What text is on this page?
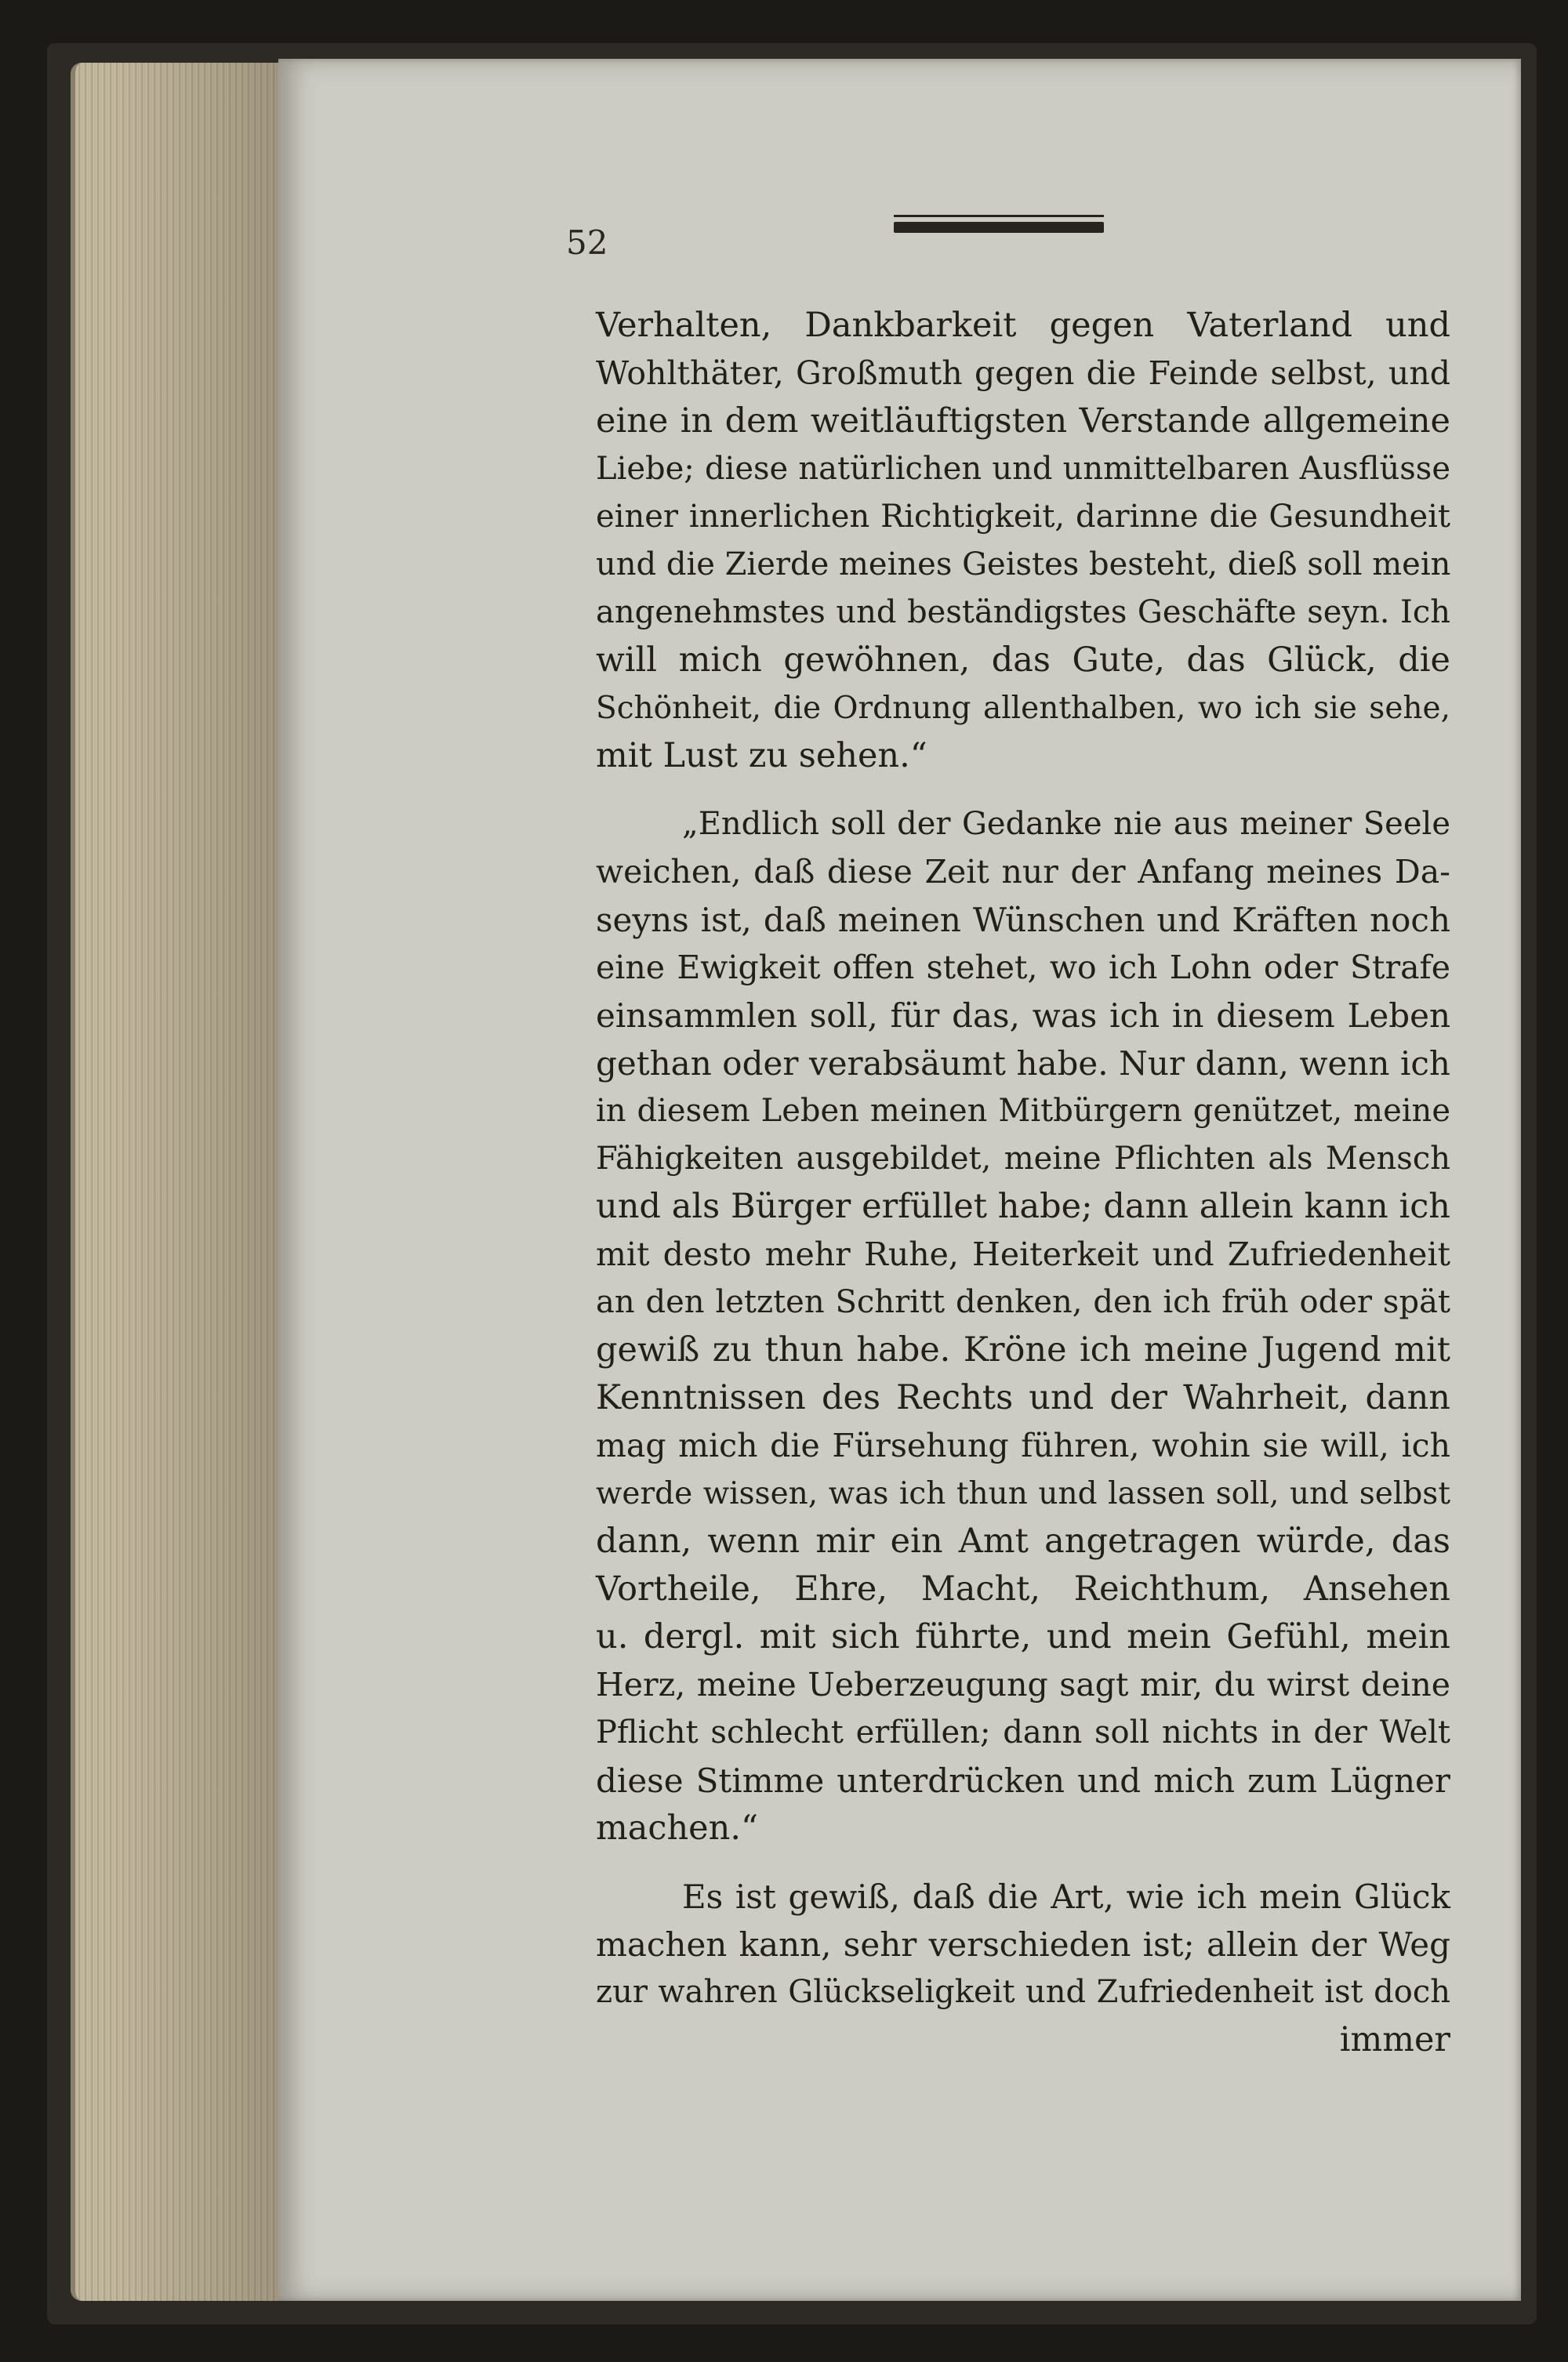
52

Verhalten, Dankbarkeit gegen Vaterland und
Wohlthäter, Großmuth gegen die Feinde selbst, und
eine in dem weitläuftigsten Verstande allgemeine
Liebe; diese natürlichen und unmittelbaren Ausflüsse
einer innerlichen Richtigkeit, darinne die Gesundheit
und die Zierde meines Geistes besteht, dieß soll mein
angenehmstes und beständigstes Geschäfte seyn. Ich
will mich gewöhnen, das Gute, das Glück, die
Schönheit, die Ordnung allenthalben, wo ich sie sehe,
mit Lust zu sehen.“

„Endlich soll der Gedanke nie aus meiner Seele
weichen, daß diese Zeit nur der Anfang meines Da-
seyns ist, daß meinen Wünschen und Kräften noch
eine Ewigkeit offen stehet, wo ich Lohn oder Strafe
einsammlen soll, für das, was ich in diesem Leben
gethan oder verabsäumt habe. Nur dann, wenn ich
in diesem Leben meinen Mitbürgern genützet, meine
Fähigkeiten ausgebildet, meine Pflichten als Mensch
und als Bürger erfüllet habe; dann allein kann ich
mit desto mehr Ruhe, Heiterkeit und Zufriedenheit
an den letzten Schritt denken, den ich früh oder spät
gewiß zu thun habe. Kröne ich meine Jugend mit
Kenntnissen des Rechts und der Wahrheit, dann
mag mich die Fürsehung führen, wohin sie will, ich
werde wissen, was ich thun und lassen soll, und selbst
dann, wenn mir ein Amt angetragen würde, das
Vortheile, Ehre, Macht, Reichthum, Ansehen
u. dergl. mit sich führte, und mein Gefühl, mein
Herz, meine Ueberzeugung sagt mir, du wirst deine
Pflicht schlecht erfüllen; dann soll nichts in der Welt
diese Stimme unterdrücken und mich zum Lügner
machen.“

Es ist gewiß, daß die Art, wie ich mein Glück
machen kann, sehr verschieden ist; allein der Weg
zur wahren Glückseligkeit und Zufriedenheit ist doch
immer
